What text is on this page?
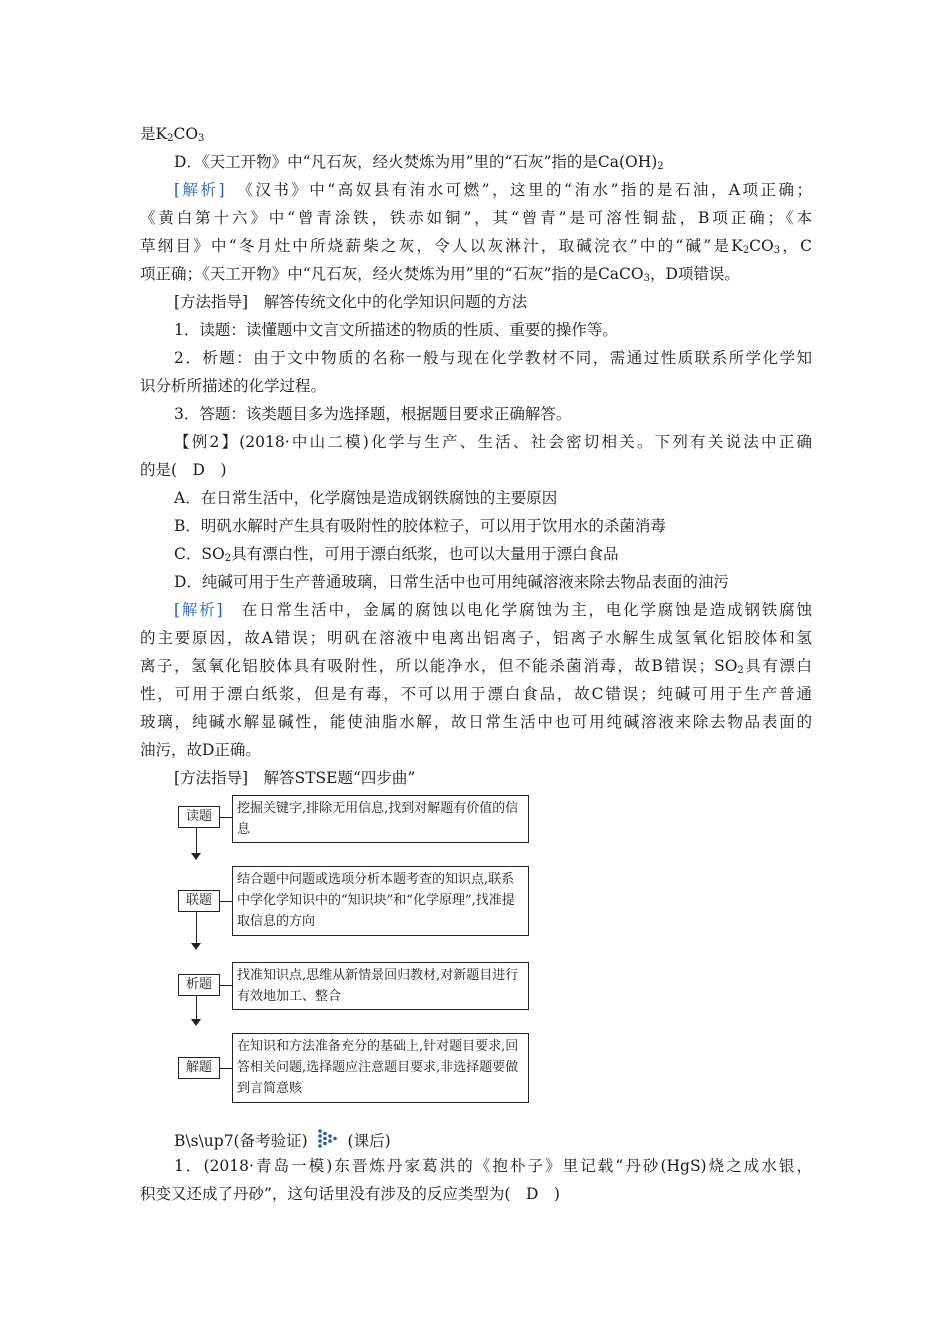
是$K_2CO_3$
D．《天工开物》中“凡石灰，经火焚炼为用”里的“石灰”指的是$Ca(OH)_2$
[解析]　 《汉书》中“高奴县有洧水可燃”，这里的“洧水”指的是石油，A项正确；
《黄白第十六》中“曾青涂铁，铁赤如铜”，其“曾青”是可溶性铜盐，B项正确；《本
草纲目》中“冬月灶中所烧薪柴之灰，令人以灰淋汁，取碱浣衣”中的“碱”是$K_2CO_3$，C
项正确；《天工开物》中“凡石灰，经火焚炼为用”里的“石灰”指的是CaCO$_3$，D项错误。
[方法指导]　解答传统文化中的化学知识问题的方法
1．读题：读懂题中文言文所描述的物质的性质、重要的操作等。
2．析题：由于文中物质的名称一般与现在化学教材不同，需通过性质联系所学化学知
识分析所描述的化学过程。
3．答题：该类题目多为选择题，根据题目要求正确解答。
【例2】(2018·中山二模)化学与生产、生活、社会密切相关。下列有关说法中正确
的是(　D　)
A．在日常生活中，化学腐蚀是造成钢铁腐蚀的主要原因
B．明矾水解时产生具有吸附性的胶体粒子，可以用于饮用水的杀菌消毒
C．$SO_2$具有漂白性，可用于漂白纸浆，也可以大量用于漂白食品
D．纯碱可用于生产普通玻璃，日常生活中也可用纯碱溶液来除去物品表面的油污
[解析]　 在日常生活中，金属的腐蚀以电化学腐蚀为主，电化学腐蚀是造成钢铁腐蚀
的主要原因，故A错误；明矾在溶液中电离出铝离子，铝离子水解生成氢氧化铝胶体和氢
离子，氢氧化铝胶体具有吸附性，所以能净水，但不能杀菌消毒，故B错误；$SO_2$具有漂白
性，可用于漂白纸浆，但是有毒，不可以用于漂白食品，故C错误；纯碱可用于生产普通
玻璃，纯碱水解显碱性，能使油脂水解，故日常生活中也可用纯碱溶液来除去物品表面的
油污，故D正确。
[方法指导]　解答STSE题“四步曲”
读题
挖掘关键字,排除无用信息,找到对解题有价值的信息
联题
结合题中问题或选项分析本题考查的知识点,联系中学化学知识中的“知识块”和“化学原理”,找准提取信息的方向
析题
找准知识点,思维从新情景回归教材,对新题目进行有效地加工、整合
解题
在知识和方法准备充分的基础上,针对题目要求,回答相关问题,选择题应注意题目要求,非选择题要做到言简意赅
B\s\up7(备考验证)	(课后)
1．(2018·青岛一模)东晋炼丹家葛洪的《抱朴子》里记载“丹砂(HgS)烧之成水银，
积变又还成了丹砂”，这句话里没有涉及的反应类型为(　D　)
